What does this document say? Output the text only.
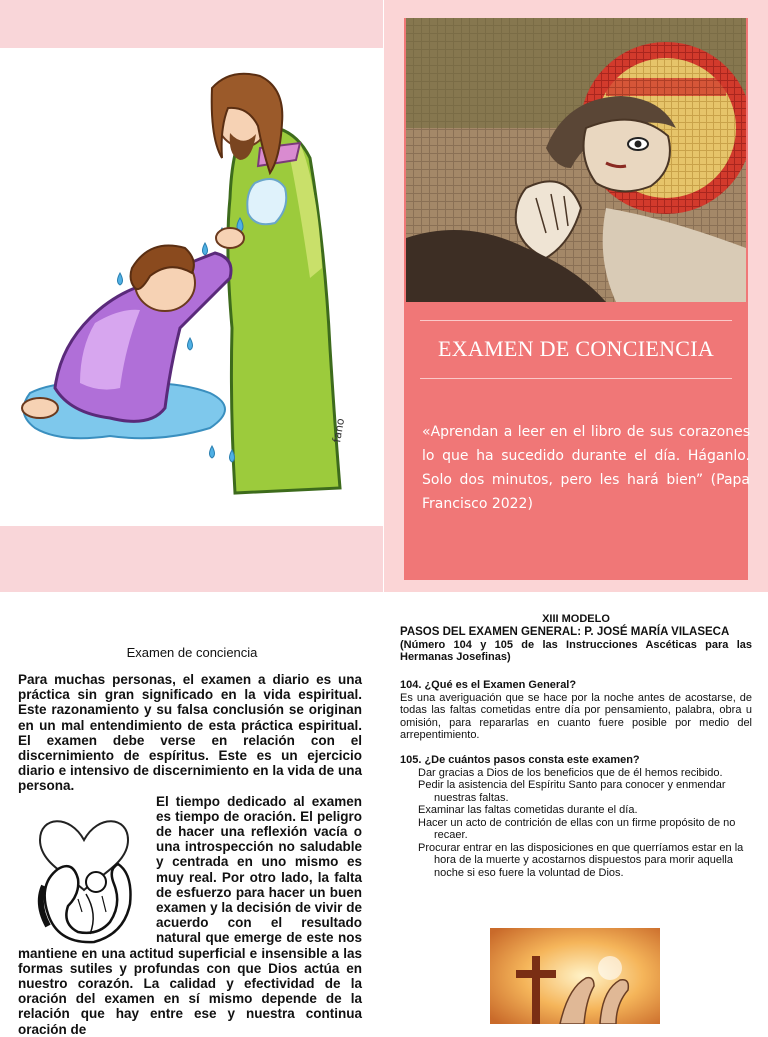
fano
EXAMEN DE CONCIENCIA
«Aprendan a leer en el libro de sus corazones lo que ha sucedido durante el día. Háganlo. Solo dos minutos, pero les hará bien” (Papa Francisco 2022)
Examen de conciencia

Para muchas personas, el examen a diario es una práctica sin gran significado en la vida espiritual. Este razonamiento y su falsa conclusión se originan en un mal entendimiento de esta práctica espiritual. El examen debe verse en relación con el discernimiento de espíritus. Este es un ejercicio diario e intensivo de discernimiento en la vida de una persona.

El tiempo dedicado al examen es tiempo de oración. El peligro de hacer una reflexión vacía o una introspección no saludable y centrada en uno mismo es muy real. Por otro lado, la falta de esfuerzo para hacer un buen examen y la decisión de vivir de acuerdo con el resultado natural que emerge de este nos mantiene en una actitud superficial e insensible a las formas sutiles y profundas con que Dios actúa en nuestro corazón. La calidad y efectividad de la oración del examen en sí mismo depende de la relación que hay entre ese y nuestra continua oración de

XIII MODELO
PASOS DEL EXAMEN GENERAL: P. JOSÉ MARÍA VILASECA
(Número 104 y 105 de las Instrucciones Ascéticas para las Hermanas Josefinas)
104. ¿Qué es el Examen General?
Es una averiguación que se hace por la noche antes de acostarse, de todas las faltas cometidas entre día por pensamiento, palabra, obra u omisión, para repararlas en cuanto fuere posible por medio del arrepentimiento.
105. ¿De cuántos pasos consta este examen?
Dar gracias a Dios de los beneficios que de él hemos recibido.
Pedir la asistencia del Espíritu Santo para conocer y enmendar nuestras faltas.
Examinar las faltas cometidas durante el día.
Hacer un acto de contrición de ellas con un firme propósito de no recaer.
Procurar entrar en las disposiciones en que querríamos estar en la hora de la muerte y acostarnos dispuestos para morir aquella noche si eso fuere la voluntad de Dios.
